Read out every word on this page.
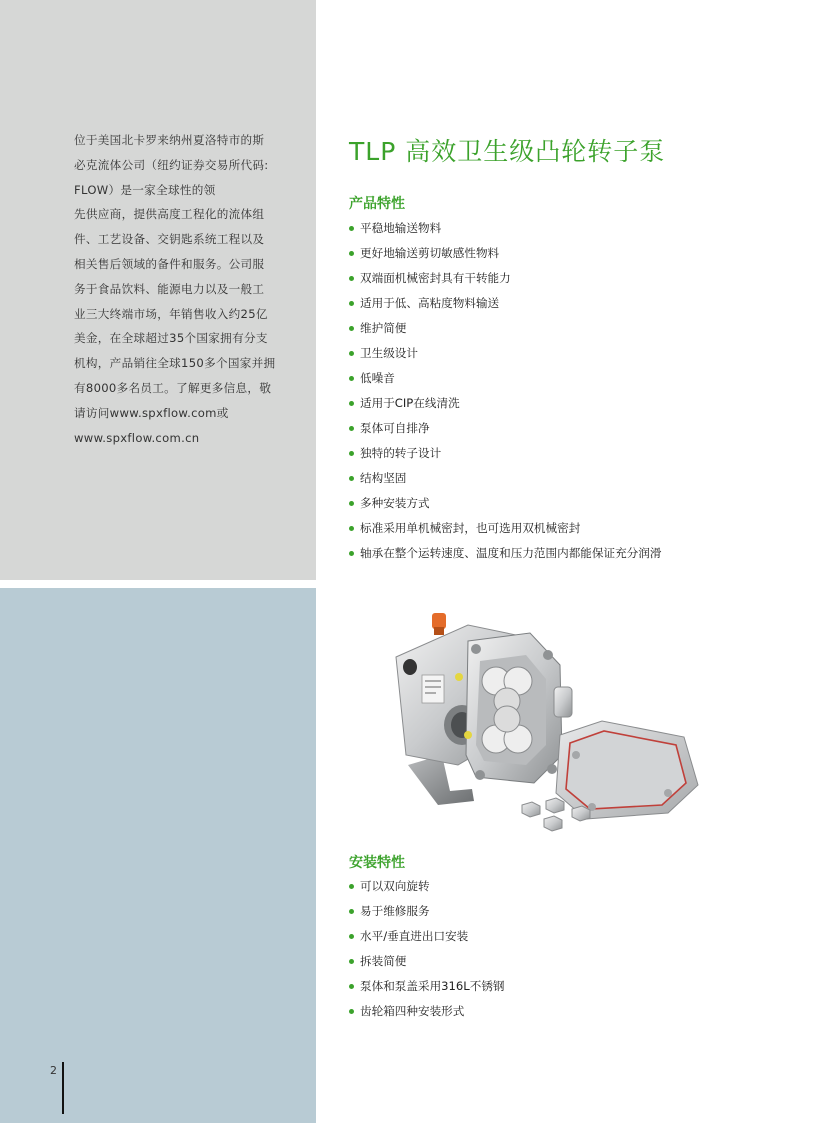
位于美国北卡罗来纳州夏洛特市的斯
必克流体公司（纽约证券交易所代码:
FLOW）是一家全球性的领
先供应商，提供高度工程化的流体组
件、工艺设备、交钥匙系统工程以及
相关售后领域的备件和服务。公司服
务于食品饮料、能源电力以及一般工
业三大终端市场，年销售收入约25亿
美金，在全球超过35个国家拥有分支
机构，产品销往全球150多个国家并拥
有8000多名员工。了解更多信息，敬
请访问www.spxflow.com或
www.spxflow.com.cn
2
TLP 高效卫生级凸轮转子泵
产品特性
平稳地输送物料
更好地输送剪切敏感性物料
双端面机械密封具有干转能力
适用于低、高粘度物料输送
维护简便
卫生级设计
低噪音
适用于CIP在线清洗
泵体可自排净
独特的转子设计
结构坚固
多种安装方式
标准采用单机械密封，也可选用双机械密封
轴承在整个运转速度、温度和压力范围内都能保证充分润滑
安装特性
可以双向旋转
易于维修服务
水平/垂直进出口安装
拆装简便
泵体和泵盖采用316L不锈钢
齿轮箱四种安装形式
